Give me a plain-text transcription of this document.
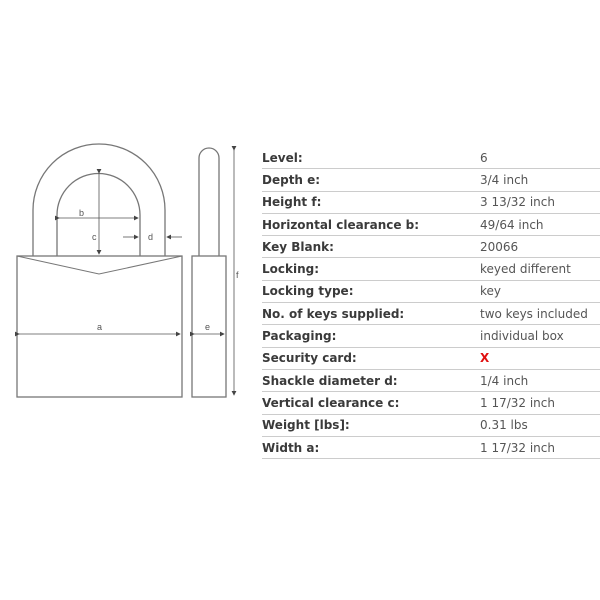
b
c	d
a	e
f
Level:	6
Depth e:	3/4 inch
Height f:	3 13/32 inch
Horizontal clearance b:	49/64 inch
Key Blank:	20066
Locking:	keyed different
Locking type:	key
No. of keys supplied:	two keys included
Packaging:	individual box
Security card:	X
Shackle diameter d:	1/4 inch
Vertical clearance c:	1 17/32 inch
Weight [lbs]:	0.31 lbs
Width a:	1 17/32 inch
